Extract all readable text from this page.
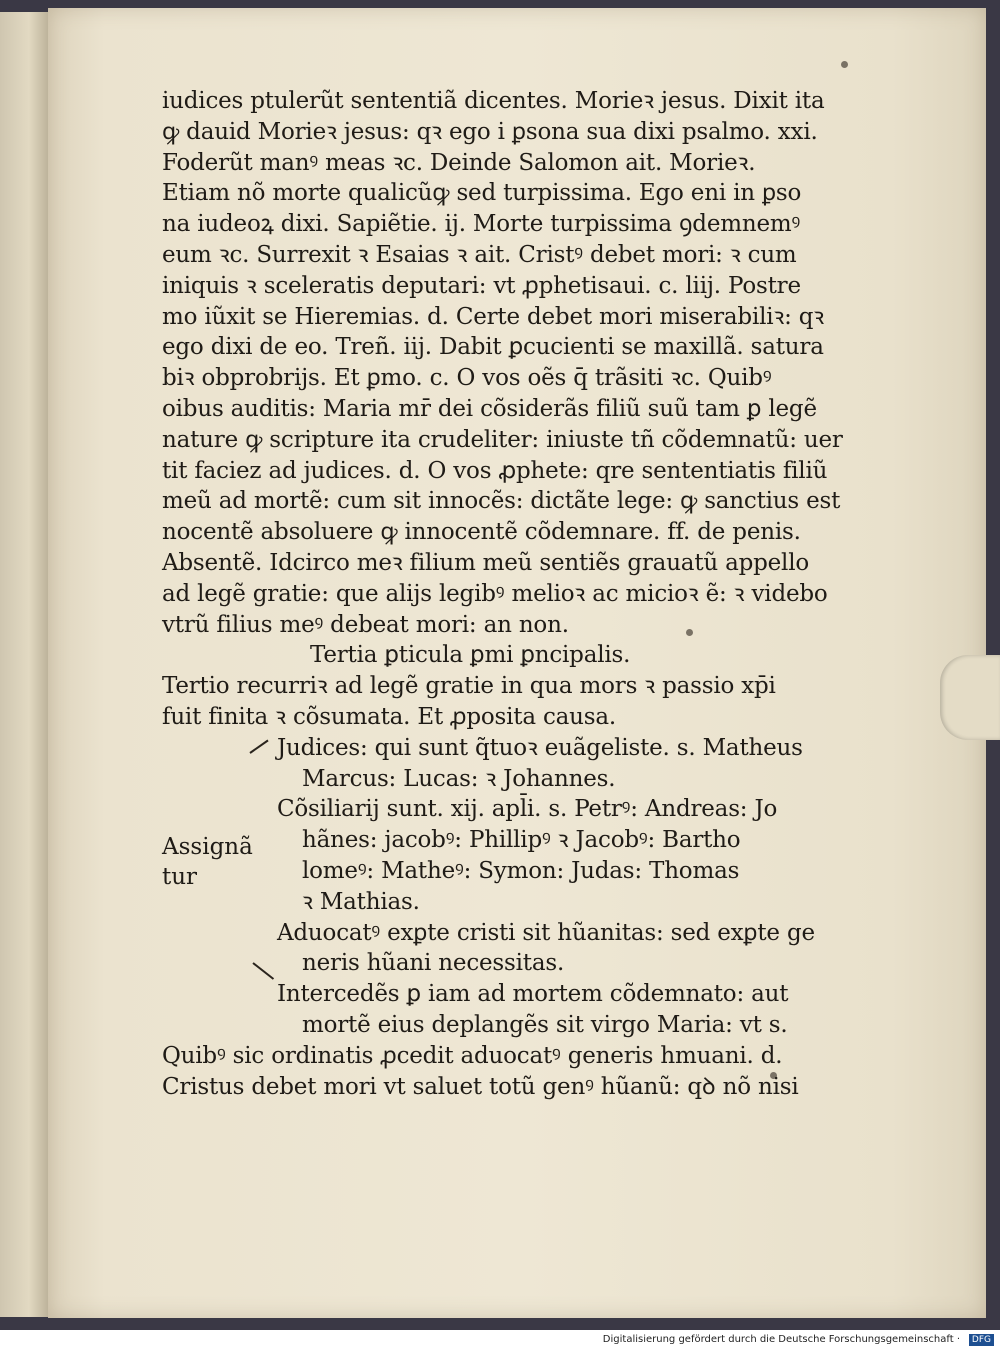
iudices ptulerũt sententiã dicentes. Morieꝛ jesus. Dixit ita
ꝙ dauid Morieꝛ jesus: qꝛ ego i ꝑsona sua dixi psalmo. xxi.
Foderũt manꝰ meas ꝛc. Deinde Salomon ait. Morieꝛ.
Etiam nõ morte qualicũꝙ sed turpissima. Ego eni in ꝑso
na iudeoꝝ dixi. Sapiẽtie. ij. Morte turpissima ꝯdemnemꝰ
eum ꝛc. Surrexit ꝛ Esaias ꝛ ait. Cristꝰ debet mori: ꝛ cum
iniquis ꝛ sceleratis deputari: vt ꝓphetisaui. c. liij. Postre
mo iũxit se Hieremias. d. Certe debet mori miserabiliꝛ: qꝛ
ego dixi de eo. Treñ. iij. Dabit ꝑcucienti se maxillã. satura
biꝛ obprobrijs. Et ꝑmo. c. O vos oẽs q̄ trãsiti ꝛc. Quibꝰ
oibus auditis: Maria mr̄ dei cõsiderãs filiũ suũ tam ꝑ legẽ
nature ꝙ scripture ita crudeliter: iniuste tñ cõdemnatũ: uer
tit faciez ad judices. d. O vos ꝓphete: qre sententiatis filiũ
meũ ad mortẽ: cum sit innocẽs: dictãte lege: ꝙ sanctius est
nocentẽ absoluere ꝙ innocentẽ cõdemnare. ff. de penis.
Absentẽ. Idcirco meꝛ filium meũ sentiẽs grauatũ appello
ad legẽ gratie: que alijs legibꝰ melioꝛ ac micioꝛ ẽ: ꝛ videbo
vtrũ filius meꝰ debeat mori: an non.
Tertia ꝑticula ꝑmi ꝑncipalis.
Tertio recurriꝛ ad legẽ gratie in qua mors ꝛ passio xp̄i
fuit finita ꝛ cõsumata. Et ꝓposita causa.
Judices: qui sunt q̃tuoꝛ euãgeliste. s. Matheus
Marcus: Lucas: ꝛ Johannes.
Cõsiliarij sunt. xij. apl̄i. s. Petrꝰ: Andreas: Jo
hãnes: jacobꝰ: Phillipꝰ ꝛ Jacobꝰ: Bartho
lomeꝰ: Matheꝰ: Symon: Judas: Thomas
ꝛ Mathias.
Aduocatꝰ exꝑte cristi sit hũanitas: sed exꝑte ge
neris hũani necessitas.
Intercedẽs ꝑ iam ad mortem cõdemnato: aut
mortẽ eius deplangẽs sit virgo Maria: vt s.
Quibꝰ sic ordinatis ꝓcedit aduocatꝰ generis hmuani. d.
Cristus debet mori vt saluet totũ genꝰ hũanũ: qꝺ nõ nisi
Assignã
tur
Digitalisierung gefördert durch die Deutsche Forschungsgemeinschaft ·	DFG
